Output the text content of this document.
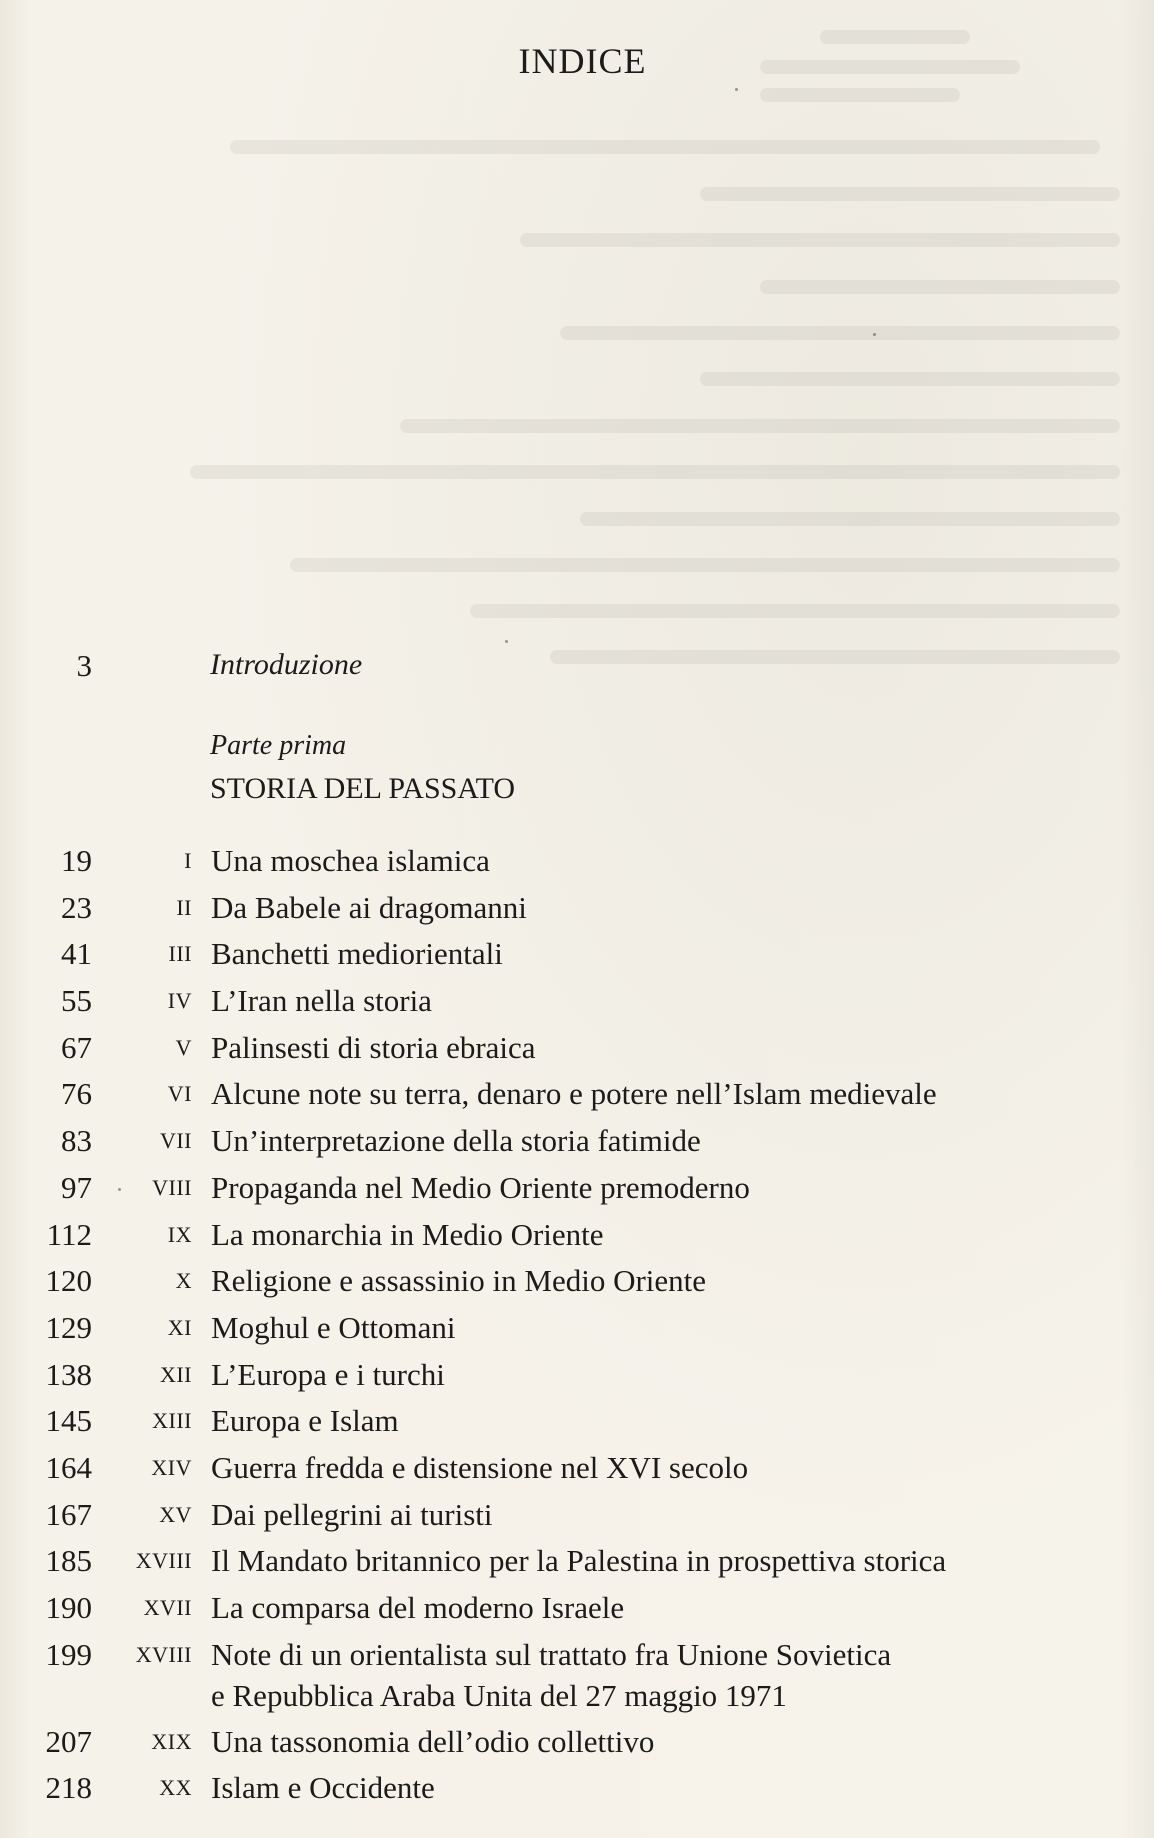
INDICE
3	Introduzione
Parte prima
STORIA DEL PASSATO
19	I Una moschea islamica
23	II Da Babele ai dragomanni
41	III Banchetti mediorientali
55	IV L’Iran nella storia
67	V Palinsesti di storia ebraica
76	VI Alcune note su terra, denaro e potere nell’Islam medievale
83	VII Un’interpretazione della storia fatimide
97	VIII Propaganda nel Medio Oriente premoderno
112	IX La monarchia in Medio Oriente
120	X Religione e assassinio in Medio Oriente
129	XI Moghul e Ottomani
138	XII L’Europa e i turchi
145	XIII Europa e Islam
164	XIV Guerra fredda e distensione nel XVI secolo
167	XV Dai pellegrini ai turisti
185	XVIII Il Mandato britannico per la Palestina in prospettiva storica
190	XVII La comparsa del moderno Israele
199	XVIII Note di un orientalista sul trattato fra Unione Sovietica
e Repubblica Araba Unita del 27 maggio 1971
207	XIX Una tassonomia dell’odio collettivo
218	XX Islam e Occidente
